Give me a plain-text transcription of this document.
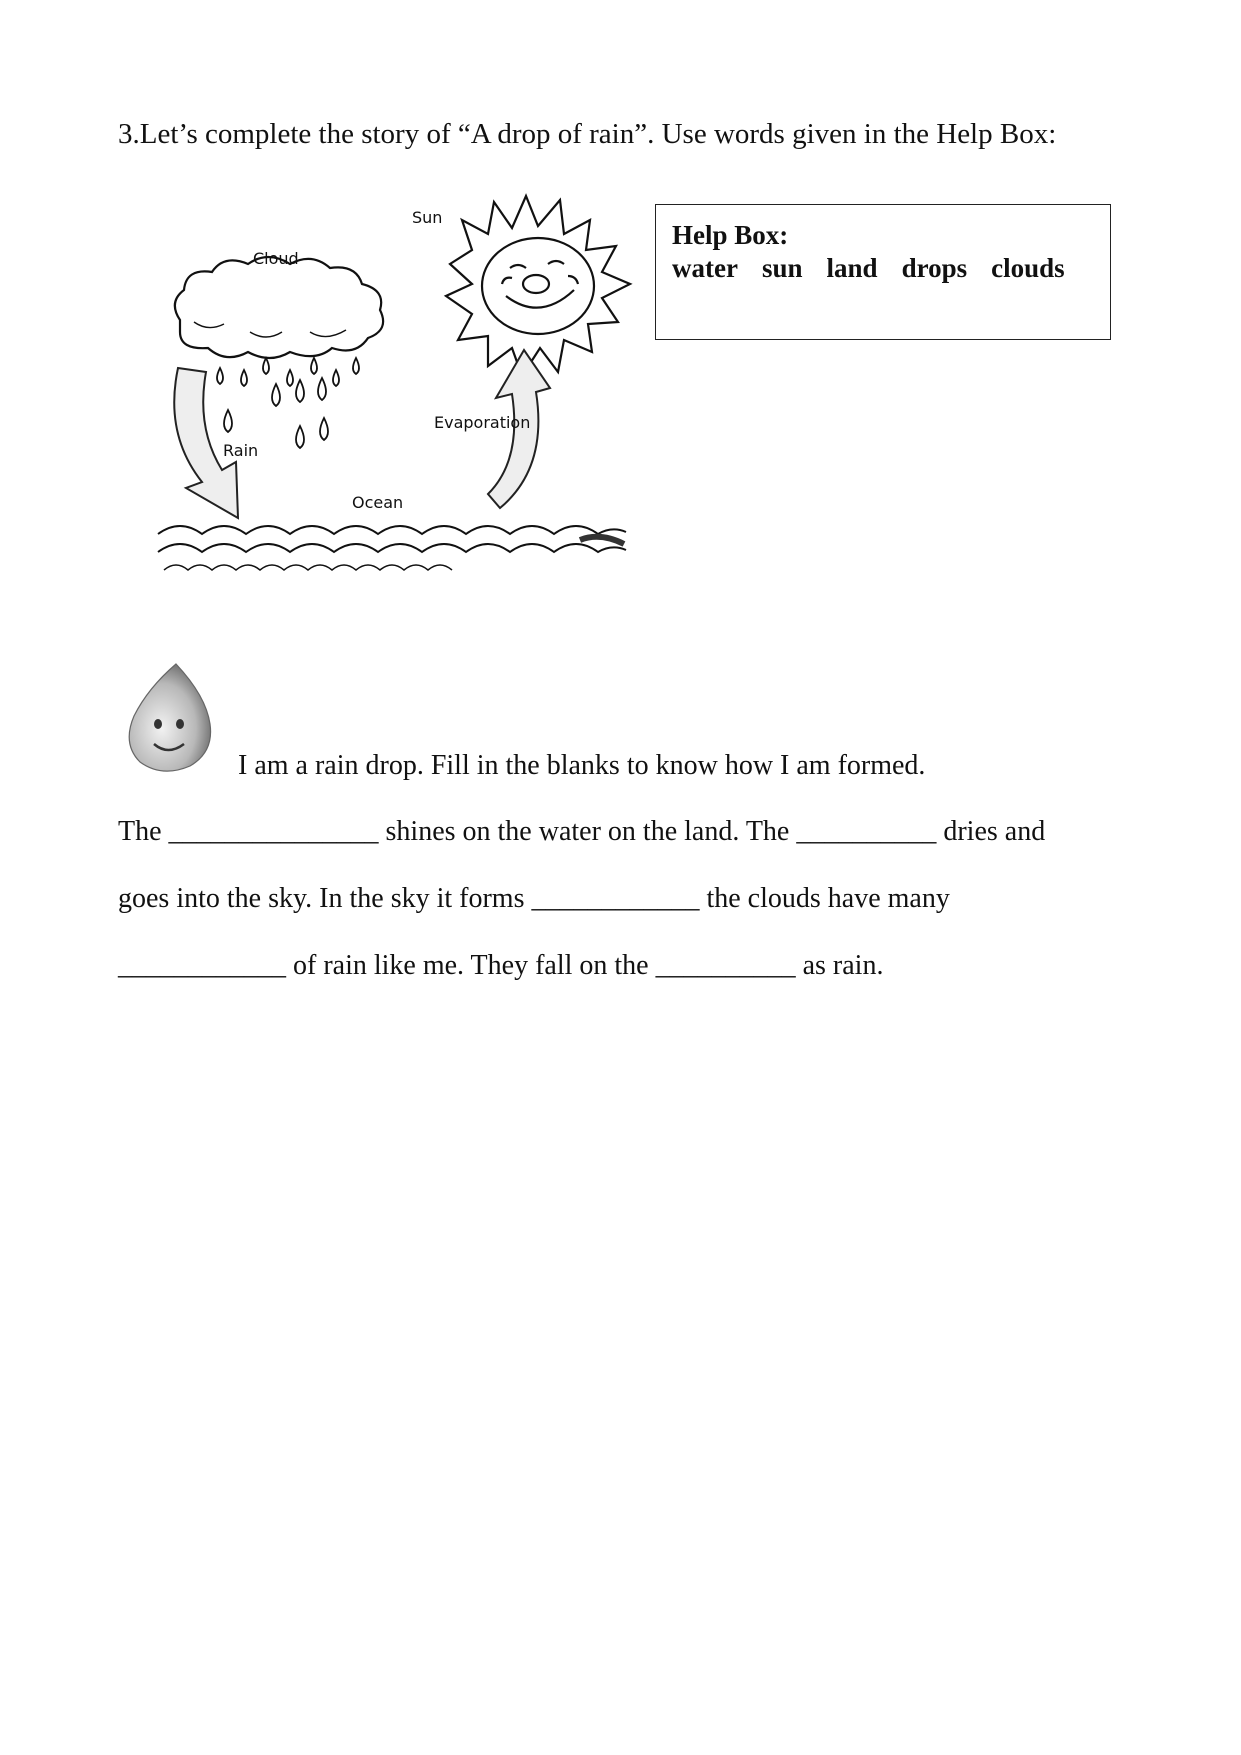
3.Let’s complete the story of “A drop of rain”. Use words given in the Help Box:
Sun
Cloud
Rain
Evaporation
Ocean
Help Box:
water sun land drops clouds
I am a rain drop. Fill in the blanks to know how I am formed.
The _______________ shines on the water on the land. The __________ dries and
goes into the sky. In the sky it forms ____________ the clouds have many
____________ of rain like me. They fall on the __________ as rain.
